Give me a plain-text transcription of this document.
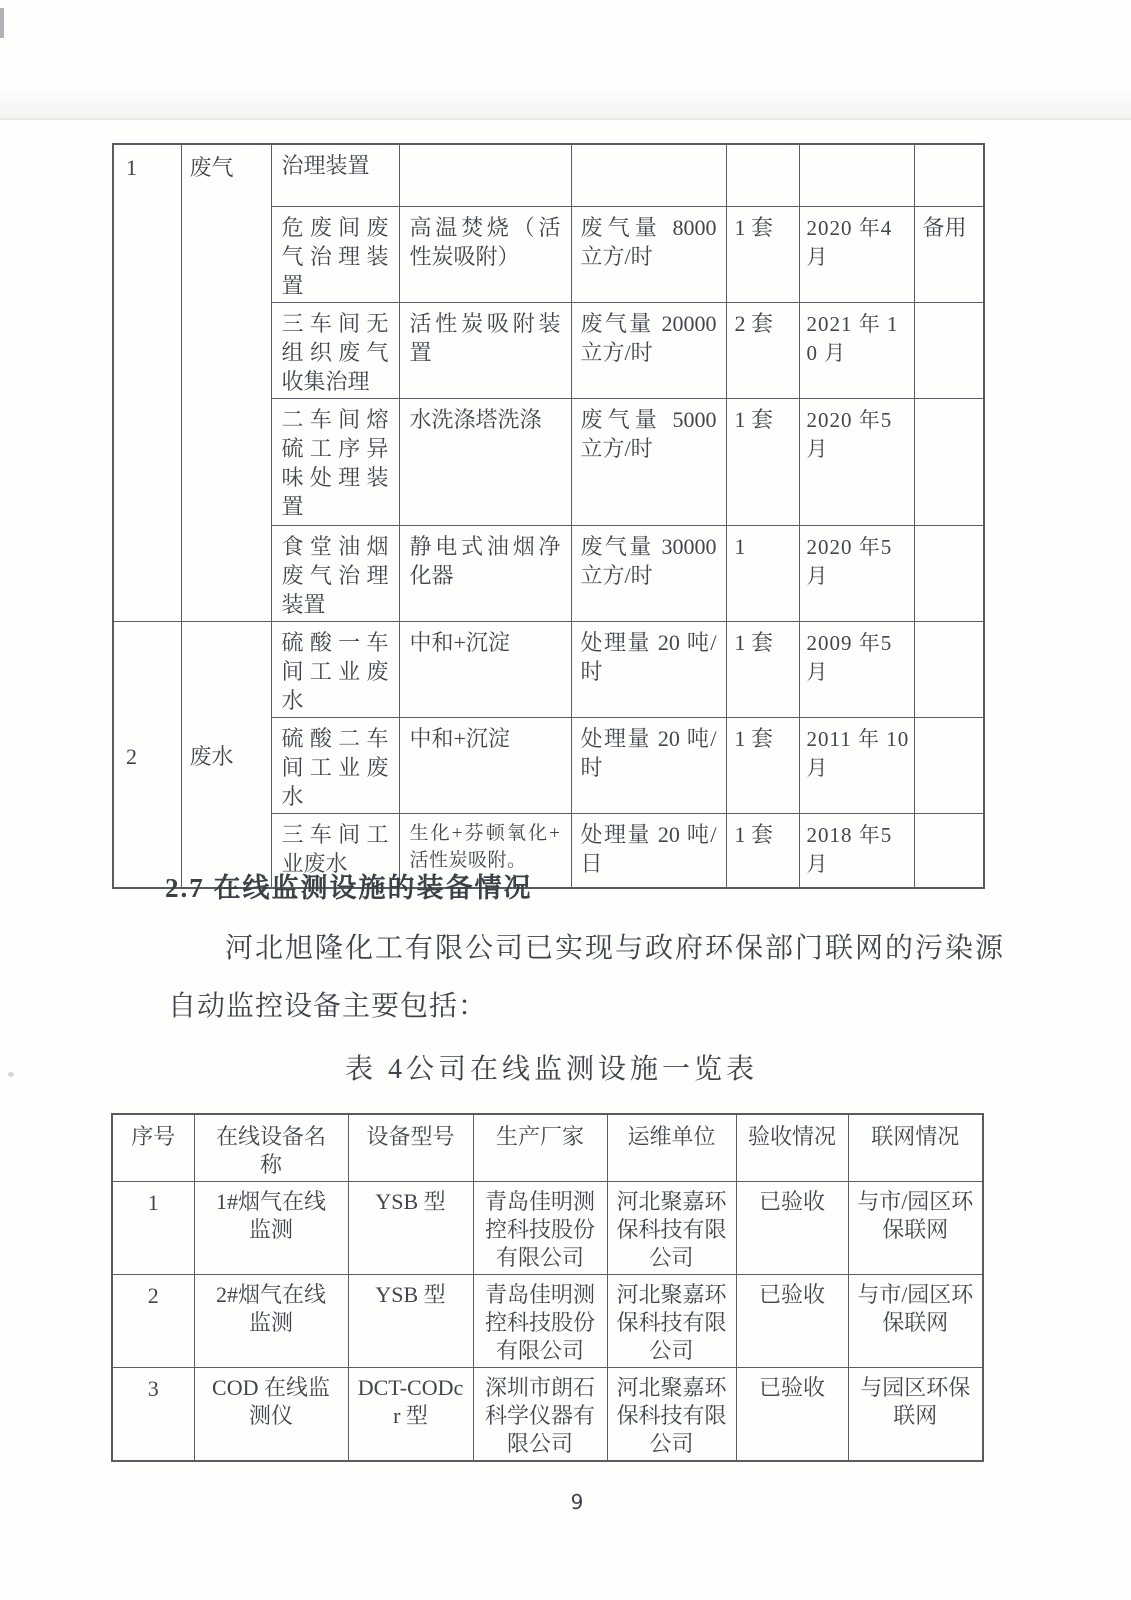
1	废气	治理装置					
		危废间废气治理装置	高温焚烧（活性炭吸附）	废气量 8000 立方/时	1 套	2020 年4月	备用
		三车间无组织废气收集治理	活性炭吸附装置	废气量 20000 立方/时	2 套	2021 年 10 月	
		二车间熔硫工序异味处理装置	水洗涤塔洗涤	废气量 5000 立方/时	1 套	2020 年5月	
		食堂油烟废气治理装置	静电式油烟净化器	废气量 30000 立方/时	1	2020 年5月	
2	废水	硫酸一车间工业废水	中和+沉淀	处理量 20 吨/时	1 套	2009 年5月	
		硫酸二车间工业废水	中和+沉淀	处理量 20 吨/时	1 套	2011 年 10 月	
		三车间工业废水	生化+芬顿氧化+活性炭吸附。	处理量 20 吨/日	1 套	2018 年5月	
2.7 在线监测设施的装备情况
河北旭隆化工有限公司已实现与政府环保部门联网的污染源
自动监控设备主要包括：
表 4公司在线监测设施一览表
序号	在线设备名称	设备型号	生产厂家	运维单位	验收情况	联网情况
1	1#烟气在线监测	YSB 型	青岛佳明测控科技股份有限公司	河北聚嘉环保科技有限公司	已验收	与市/园区环保联网
2	2#烟气在线监测	YSB 型	青岛佳明测控科技股份有限公司	河北聚嘉环保科技有限公司	已验收	与市/园区环保联网
3	COD 在线监测仪	DCT-CODcr 型	深圳市朗石科学仪器有限公司	河北聚嘉环保科技有限公司	已验收	与园区环保联网
9
